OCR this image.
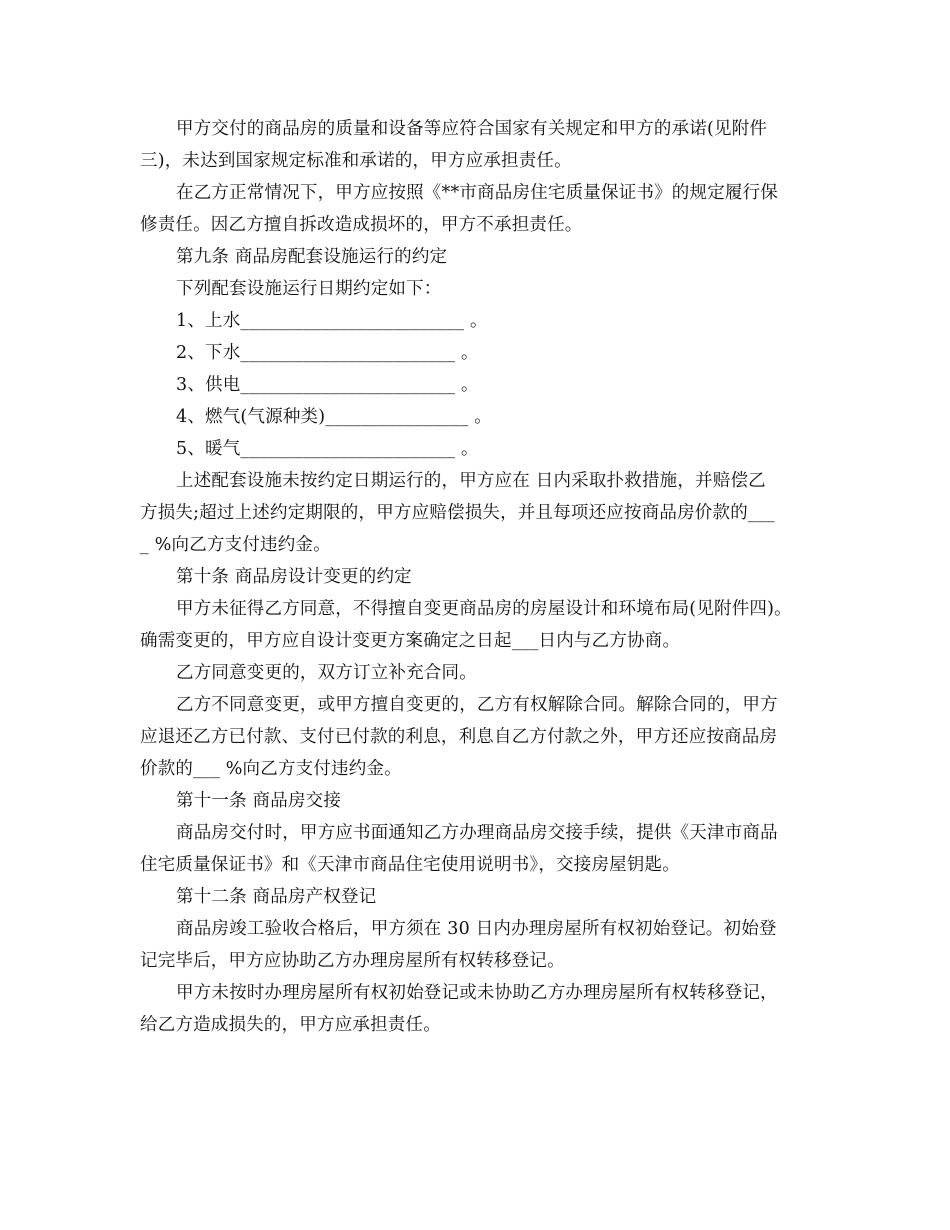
甲方交付的商品房的质量和设备等应符合国家有关规定和甲方的承诺(见附件
三)，未达到国家规定标准和承诺的，甲方应承担责任。
在乙方正常情况下，甲方应按照《**市商品房住宅质量保证书》的规定履行保
修责任。因乙方擅自拆改造成损坏的，甲方不承担责任。
第九条 商品房配套设施运行的约定
下列配套设施运行日期约定如下：
1、上水_________________________ 。
2、下水________________________ 。
3、供电________________________ 。
4、燃气(气源种类)________________ 。
5、暖气________________________ 。
上述配套设施未按约定日期运行的，甲方应在 日内采取扑救措施，并赔偿乙
方损失;超过上述约定期限的，甲方应赔偿损失，并且每项还应按商品房价款的___
_ %向乙方支付违约金。
第十条 商品房设计变更的约定
甲方未征得乙方同意，不得擅自变更商品房的房屋设计和环境布局(见附件四)。
确需变更的，甲方应自设计变更方案确定之日起___日内与乙方协商。
乙方同意变更的，双方订立补充合同。
乙方不同意变更，或甲方擅自变更的，乙方有权解除合同。解除合同的，甲方
应退还乙方已付款、支付已付款的利息，利息自乙方付款之外，甲方还应按商品房
价款的___ %向乙方支付违约金。
第十一条 商品房交接
商品房交付时，甲方应书面通知乙方办理商品房交接手续，提供《天津市商品
住宅质量保证书》和《天津市商品住宅使用说明书》，交接房屋钥匙。
第十二条 商品房产权登记
商品房竣工验收合格后，甲方须在 30 日内办理房屋所有权初始登记。初始登
记完毕后，甲方应协助乙方办理房屋所有权转移登记。
甲方未按时办理房屋所有权初始登记或未协助乙方办理房屋所有权转移登记，
给乙方造成损失的，甲方应承担责任。
